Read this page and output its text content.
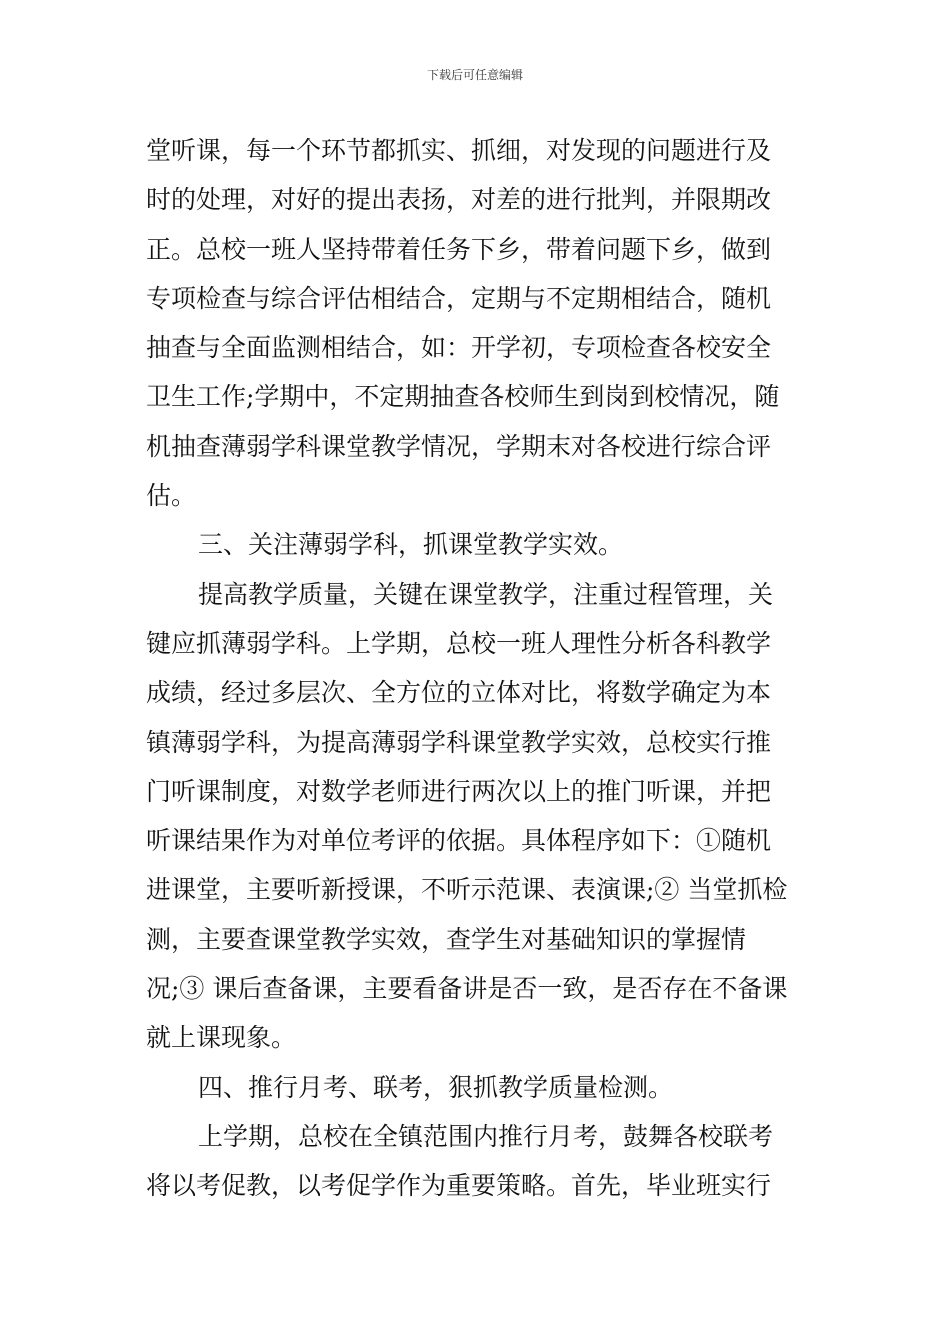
下载后可任意编辑
堂听课，每一个环节都抓实、抓细，对发现的问题进行及
时的处理，对好的提出表扬，对差的进行批判，并限期改
正。总校一班人坚持带着任务下乡，带着问题下乡，做到
专项检查与综合评估相结合，定期与不定期相结合，随机
抽查与全面监测相结合，如：开学初，专项检查各校安全
卫生工作;学期中，不定期抽查各校师生到岗到校情况，随
机抽查薄弱学科课堂教学情况，学期末对各校进行综合评
估。
三、关注薄弱学科，抓课堂教学实效。
提高教学质量，关键在课堂教学，注重过程管理，关
键应抓薄弱学科。上学期，总校一班人理性分析各科教学
成绩，经过多层次、全方位的立体对比，将数学确定为本
镇薄弱学科，为提高薄弱学科课堂教学实效，总校实行推
门听课制度，对数学老师进行两次以上的推门听课，并把
听课结果作为对单位考评的依据。具体程序如下：①随机
进课堂，主要听新授课，不听示范课、表演课;② 当堂抓检
测，主要查课堂教学实效，查学生对基础知识的掌握情
况;③ 课后查备课，主要看备讲是否一致，是否存在不备课
就上课现象。
四、推行月考、联考，狠抓教学质量检测。
上学期，总校在全镇范围内推行月考，鼓舞各校联考
将以考促教，以考促学作为重要策略。首先，毕业班实行
